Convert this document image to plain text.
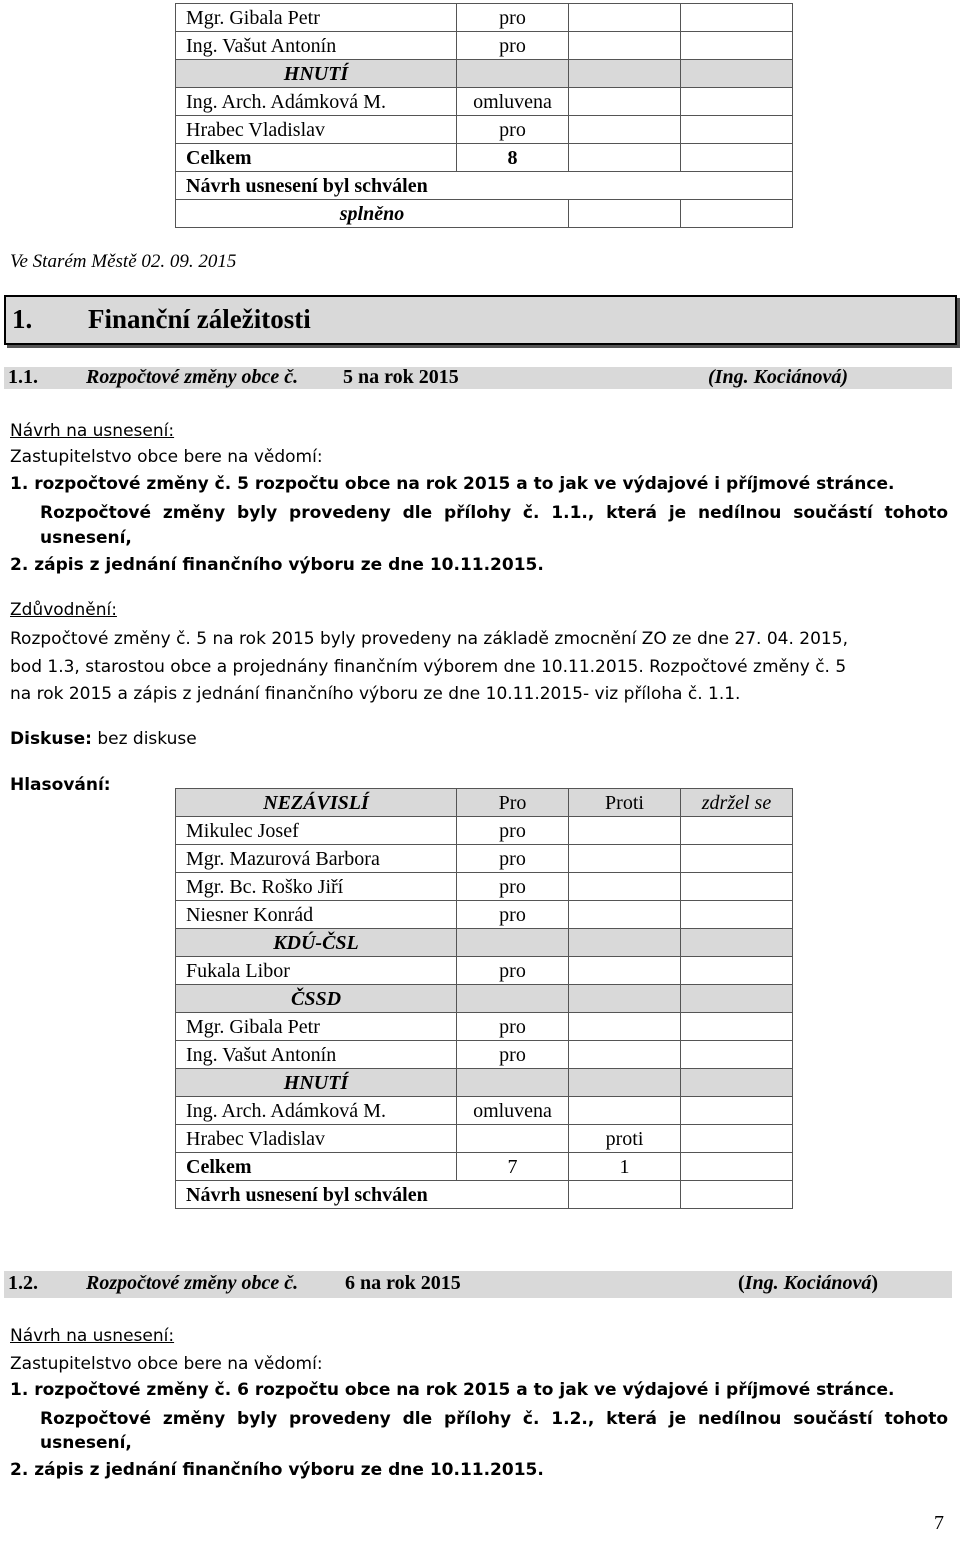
Mgr. Gibala Petr	pro		
Ing. Vašut Antonín	pro		
HNUTÍ			
Ing. Arch. Adámková M.	omluvena		
Hrabec Vladislav	pro		
Celkem	8		
Návrh usnesení byl schválen			
splněno			
Ve Starém Městě 02. 09. 2015
1. Finanční záležitosti
1.1. Rozpočtové změny obce č. 5 na rok 2015	(Ing. Kociánová)
Návrh na usnesení:
Zastupitelstvo obce bere na vědomí:
1. rozpočtové změny č. 5 rozpočtu obce na rok 2015 a to jak ve výdajové i příjmové stránce.
Rozpočtové změny byly provedeny dle přílohy č. 1.1., která je nedílnou součástí tohoto
usnesení,
2. zápis z jednání finančního výboru ze dne 10.11.2015.
Zdůvodnění:
Rozpočtové změny č. 5 na rok 2015 byly provedeny na základě zmocnění ZO ze dne 27. 04. 2015,
bod 1.3, starostou obce a projednány finančním výborem dne 10.11.2015. Rozpočtové změny č. 5
na rok 2015 a zápis z jednání finančního výboru ze dne 10.11.2015- viz příloha č. 1.1.
Diskuse: bez diskuse
Hlasování:
NEZÁVISLÍ	Pro	Proti	zdržel se
Mikulec Josef	pro		
Mgr. Mazurová Barbora	pro		
Mgr. Bc. Roško Jiří	pro		
Niesner Konrád	pro		
KDÚ-ČSL			
Fukala Libor	pro		
ČSSD			
Mgr. Gibala Petr	pro		
Ing. Vašut Antonín	pro		
HNUTÍ			
Ing. Arch. Adámková M.	omluvena		
Hrabec Vladislav		proti	
Celkem	7	1	
Návrh usnesení byl schválen			
1.2. Rozpočtové změny obce č. 6 na rok 2015	(Ing. Kociánová)
Návrh na usnesení:
Zastupitelstvo obce bere na vědomí:
1. rozpočtové změny č. 6 rozpočtu obce na rok 2015 a to jak ve výdajové i příjmové stránce.
Rozpočtové změny byly provedeny dle přílohy č. 1.2., která je nedílnou součástí tohoto
usnesení,
2. zápis z jednání finančního výboru ze dne 10.11.2015.
7
